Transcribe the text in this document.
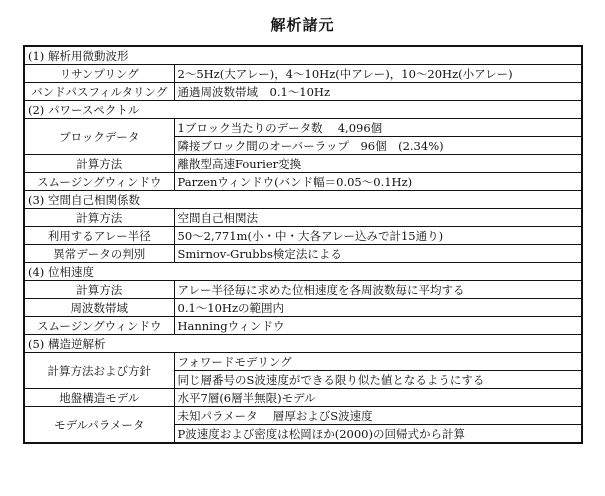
解析諸元
(1) 解析用微動波形	
リサンプリング	2～5Hz(大アレー)，4～10Hz(中アレー)，10～20Hz(小アレー)
バンドパスフィルタリング	通過周波数帯域　0.1～10Hz
(2) パワースペクトル	
ブロックデータ	1ブロック当たりのデータ数　 4,096個
	隣接ブロック間のオーバーラップ　96個　(2.34%)
計算方法	離散型高速Fourier変換
スムージングウィンドウ	Parzenウィンドウ(バンド幅＝0.05～0.1Hz)
(3) 空間自己相関係数	
計算方法	空間自己相関法
利用するアレー半径	50～2,771m(小・中・大各アレー込みで計15通り)
異常データの判別	Smirnov-Grubbs検定法による
(4) 位相速度	
計算方法	アレー半径毎に求めた位相速度を各周波数毎に平均する
周波数帯域	0.1～10Hzの範囲内
スムージングウィンドウ	Hanningウィンドウ
(5) 構造逆解析	
計算方法および方針	フォワードモデリング
	同じ層番号のS波速度ができる限り似た値となるようにする
地盤構造モデル	水平7層(6層半無限)モデル
モデルパラメータ	未知パラメータ　 層厚およびS波速度
	P波速度および密度は松岡ほか(2000)の回帰式から計算
